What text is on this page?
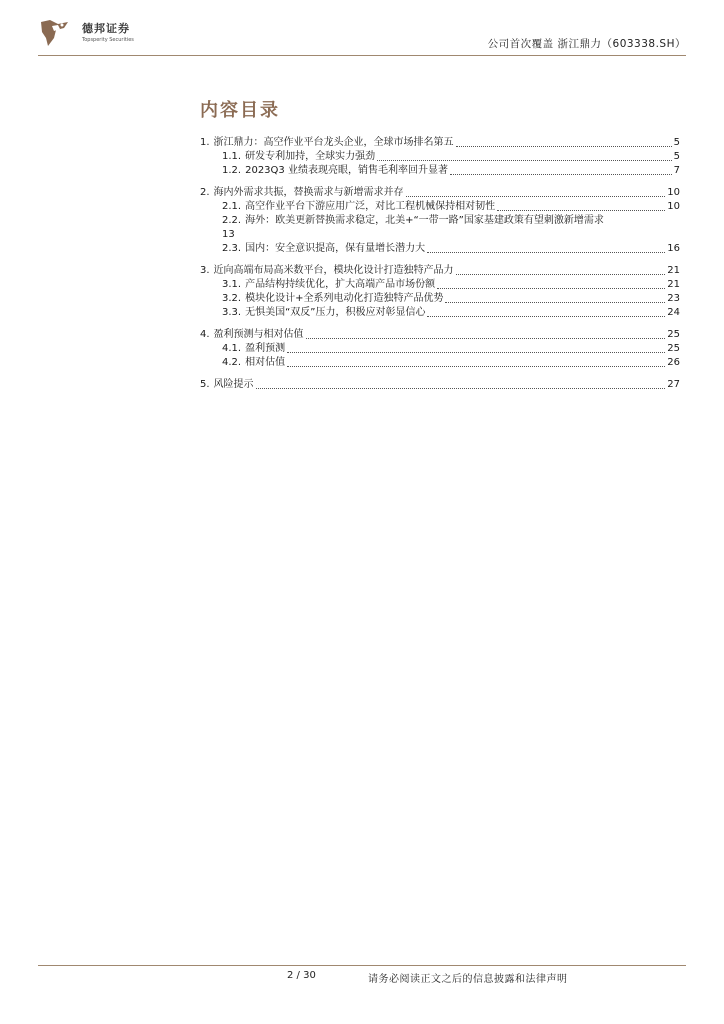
德邦证券
Topsperity Securities	公司首次覆盖 浙江鼎力（603338.SH）
内容目录
1. 浙江鼎力：高空作业平台龙头企业，全球市场排名第五	5
1.1. 研发专利加持，全球实力强劲	5
1.2. 2023Q3 业绩表现亮眼，销售毛利率回升显著	7
2. 海内外需求共振，替换需求与新增需求并存	10
2.1. 高空作业平台下游应用广泛，对比工程机械保持相对韧性	10
2.2. 海外：欧美更新替换需求稳定，北美+“一带一路”国家基建政策有望刺激新增需求
13
2.3. 国内：安全意识提高，保有量增长潜力大	16
3. 近向高端布局高米数平台，模块化设计打造独特产品力	21
3.1. 产品结构持续优化，扩大高端产品市场份额	21
3.2. 模块化设计+全系列电动化打造独特产品优势	23
3.3. 无惧美国“双反”压力，积极应对彰显信心	24
4. 盈利预测与相对估值	25
4.1. 盈利预测	25
4.2. 相对估值	26
5. 风险提示	27
2 / 30	请务必阅读正文之后的信息披露和法律声明
